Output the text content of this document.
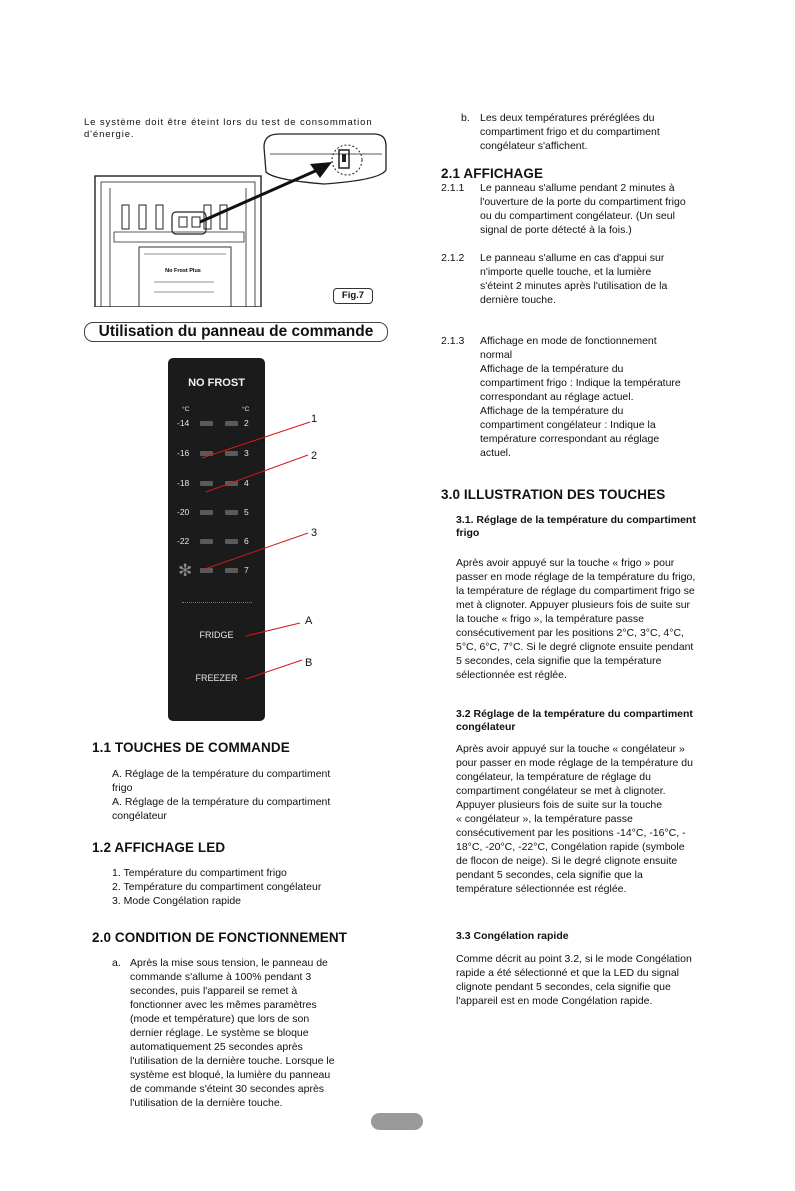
Le système doit être éteint lors du test de consommation d'énergie.
No Frost Plus
Fig.7
Utilisation du panneau de commande
NO FROST
°C	°C
-14
-16
-18
-20
-22
✻
2
3
4
5
6
7
FRIDGE
FREEZER
1
2
3
A
B
1.1 TOUCHES DE COMMANDE
A. Réglage de la température du compartiment
frigo
A. Réglage de la température du compartiment
congélateur
1.2 AFFICHAGE LED
1. Température du compartiment frigo
2. Température du compartiment congélateur
3. Mode Congélation rapide
2.0 CONDITION DE FONCTIONNEMENT
a. Après la mise sous tension, le panneau de
commande s'allume à 100% pendant 3
secondes, puis l'appareil se remet à
fonctionner avec les mêmes paramètres
(mode et température) que lors de son
dernier réglage. Le système se bloque
automatiquement 25 secondes après
l'utilisation de la dernière touche. Lorsque le
système est bloqué, la lumière du panneau
de commande s'éteint 30 secondes après
l'utilisation de la dernière touche.
b. Les deux températures préréglées du
compartiment frigo et du compartiment
congélateur s'affichent.
2.1 AFFICHAGE
2.1.1 Le panneau s'allume pendant 2 minutes à
l'ouverture de la porte du compartiment frigo
ou du compartiment congélateur. (Un seul
signal de porte détecté à la fois.)
2.1.2 Le panneau s'allume en cas d'appui sur
n'importe quelle touche, et la lumière
s'éteint 2 minutes après l'utilisation de la
dernière touche.
2.1.3 Affichage en mode de fonctionnement
normal
Affichage de la température du
compartiment frigo : Indique la température
correspondant au réglage actuel.
Affichage de la température du
compartiment congélateur : Indique la
température correspondant au réglage
actuel.
3.0 ILLUSTRATION DES TOUCHES
3.1. Réglage de la température du compartiment
frigo
Après avoir appuyé sur la touche « frigo » pour
passer en mode réglage de la température du frigo,
la température de réglage du compartiment frigo se
met à clignoter. Appuyer plusieurs fois de suite sur
la touche « frigo », la température passe
consécutivement par les positions 2°C, 3°C, 4°C,
5°C, 6°C, 7°C. Si le degré clignote ensuite pendant
5 secondes, cela signifie que la température
sélectionnée est réglée.
3.2 Réglage de la température du compartiment
congélateur
Après avoir appuyé sur la touche « congélateur »
pour passer en mode réglage de la température du
congélateur, la température de réglage du
compartiment congélateur se met à clignoter.
Appuyer plusieurs fois de suite sur la touche
« congélateur », la température passe
consécutivement par les positions -14°C, -16°C, -
18°C, -20°C, -22°C, Congélation rapide (symbole
de flocon de neige). Si le degré clignote ensuite
pendant 5 secondes, cela signifie que la
température sélectionnée est réglée.
3.3 Congélation rapide
Comme décrit au point 3.2, si le mode Congélation
rapide a été sélectionné et que la LED du signal
clignote pendant 5 secondes, cela signifie que
l'appareil est en mode Congélation rapide.
